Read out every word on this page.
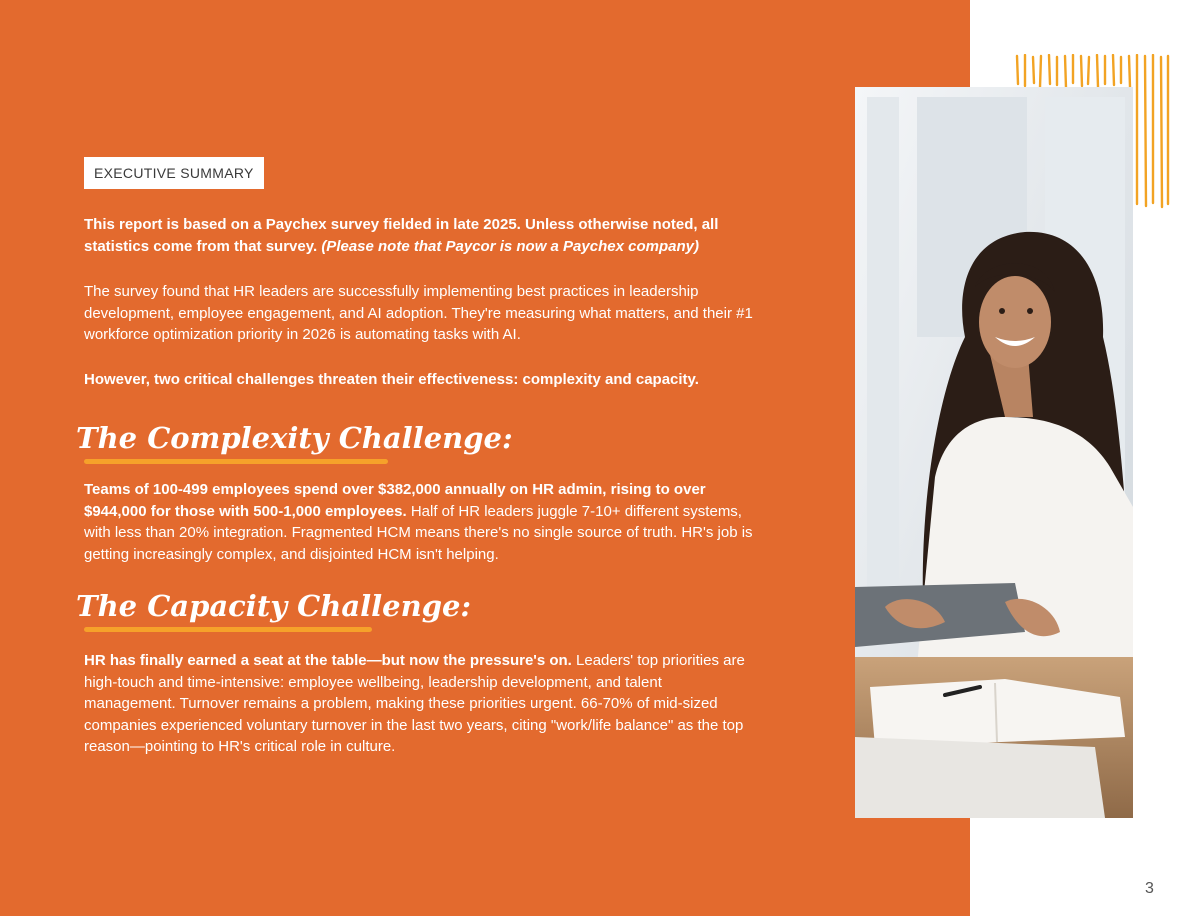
EXECUTIVE SUMMARY

This report is based on a Paychex survey fielded in late 2025. Unless otherwise noted, all statistics come from that survey. (Please note that Paycor is now a Paychex company)

The survey found that HR leaders are successfully implementing best practices in leadership development, employee engagement, and AI adoption. They're measuring what matters, and their #1 workforce optimization priority in 2026 is automating tasks with AI.

However, two critical challenges threaten their effectiveness: complexity and capacity.

The Complexity Challenge:

Teams of 100-499 employees spend over $382,000 annually on HR admin, rising to over $944,000 for those with 500-1,000 employees. Half of HR leaders juggle 7-10+ different systems, with less than 20% integration. Fragmented HCM means there's no single source of truth. HR's job is getting increasingly complex, and disjointed HCM isn't helping.

The Capacity Challenge:

HR has finally earned a seat at the table—but now the pressure's on. Leaders' top priorities are high-touch and time-intensive: employee wellbeing, leadership development, and talent management. Turnover remains a problem, making these priorities urgent. 66-70% of mid-sized companies experienced voluntary turnover in the last two years, citing "work/life balance" as the top reason—pointing to HR's critical role in culture.

3
